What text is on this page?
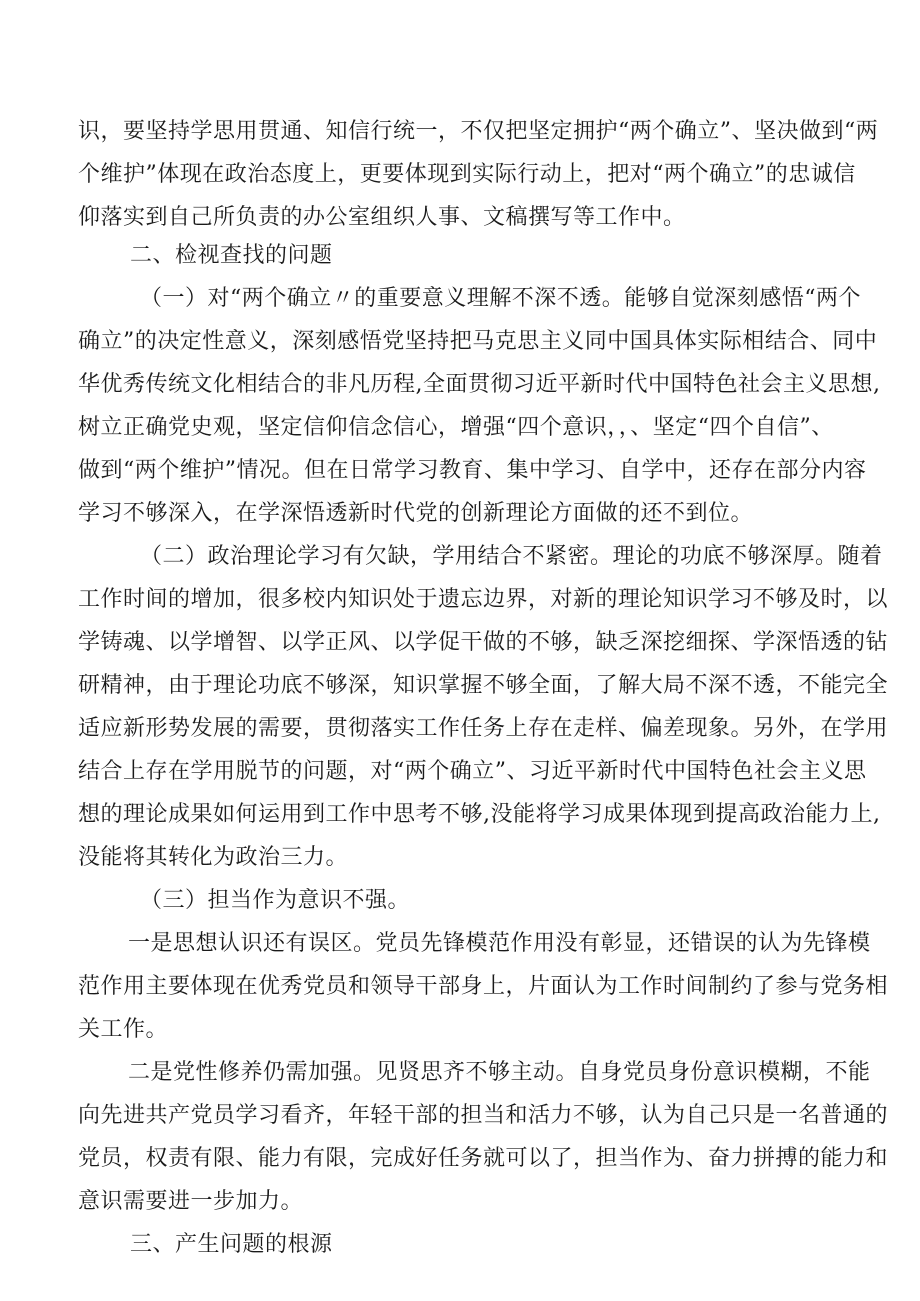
识，要坚持学思用贯通、知信行统一，不仅把坚定拥护“两个确立”、坚决做到“两
个维护”体现在政治态度上，更要体现到实际行动上，把对“两个确立”的忠诚信
仰落实到自己所负责的办公室组织人事、文稿撰写等工作中。
二、检视查找的问题
（一）对“两个确立〃的重要意义理解不深不透。能够自觉深刻感悟“两个
确立”的决定性意义，深刻感悟党坚持把马克思主义同中国具体实际相结合、同中
华优秀传统文化相结合的非凡历程,全面贯彻习近平新时代中国特色社会主义思想,
树立正确党史观，坚定信仰信念信心，增强“四个意识，，、坚定“四个自信”、
做到“两个维护”情况。但在日常学习教育、集中学习、自学中，还存在部分内容
学习不够深入，在学深悟透新时代党的创新理论方面做的还不到位。
（二）政治理论学习有欠缺，学用结合不紧密。理论的功底不够深厚。随着
工作时间的增加，很多校内知识处于遗忘边界，对新的理论知识学习不够及时，以
学铸魂、以学增智、以学正风、以学促干做的不够，缺乏深挖细探、学深悟透的钻
研精神，由于理论功底不够深，知识掌握不够全面，了解大局不深不透，不能完全
适应新形势发展的需要，贯彻落实工作任务上存在走样、偏差现象。另外，在学用
结合上存在学用脱节的问题，对“两个确立”、习近平新时代中国特色社会主义思
想的理论成果如何运用到工作中思考不够,没能将学习成果体现到提高政治能力上,
没能将其转化为政治三力。
（三）担当作为意识不强。
一是思想认识还有误区。党员先锋模范作用没有彰显，还错误的认为先锋模
范作用主要体现在优秀党员和领导干部身上，片面认为工作时间制约了参与党务相
关工作。
二是党性修养仍需加强。见贤思齐不够主动。自身党员身份意识模糊，不能
向先进共产党员学习看齐，年轻干部的担当和活力不够，认为自己只是一名普通的
党员，权责有限、能力有限，完成好任务就可以了，担当作为、奋力拼搏的能力和
意识需要进一步加力。
三、产生问题的根源
